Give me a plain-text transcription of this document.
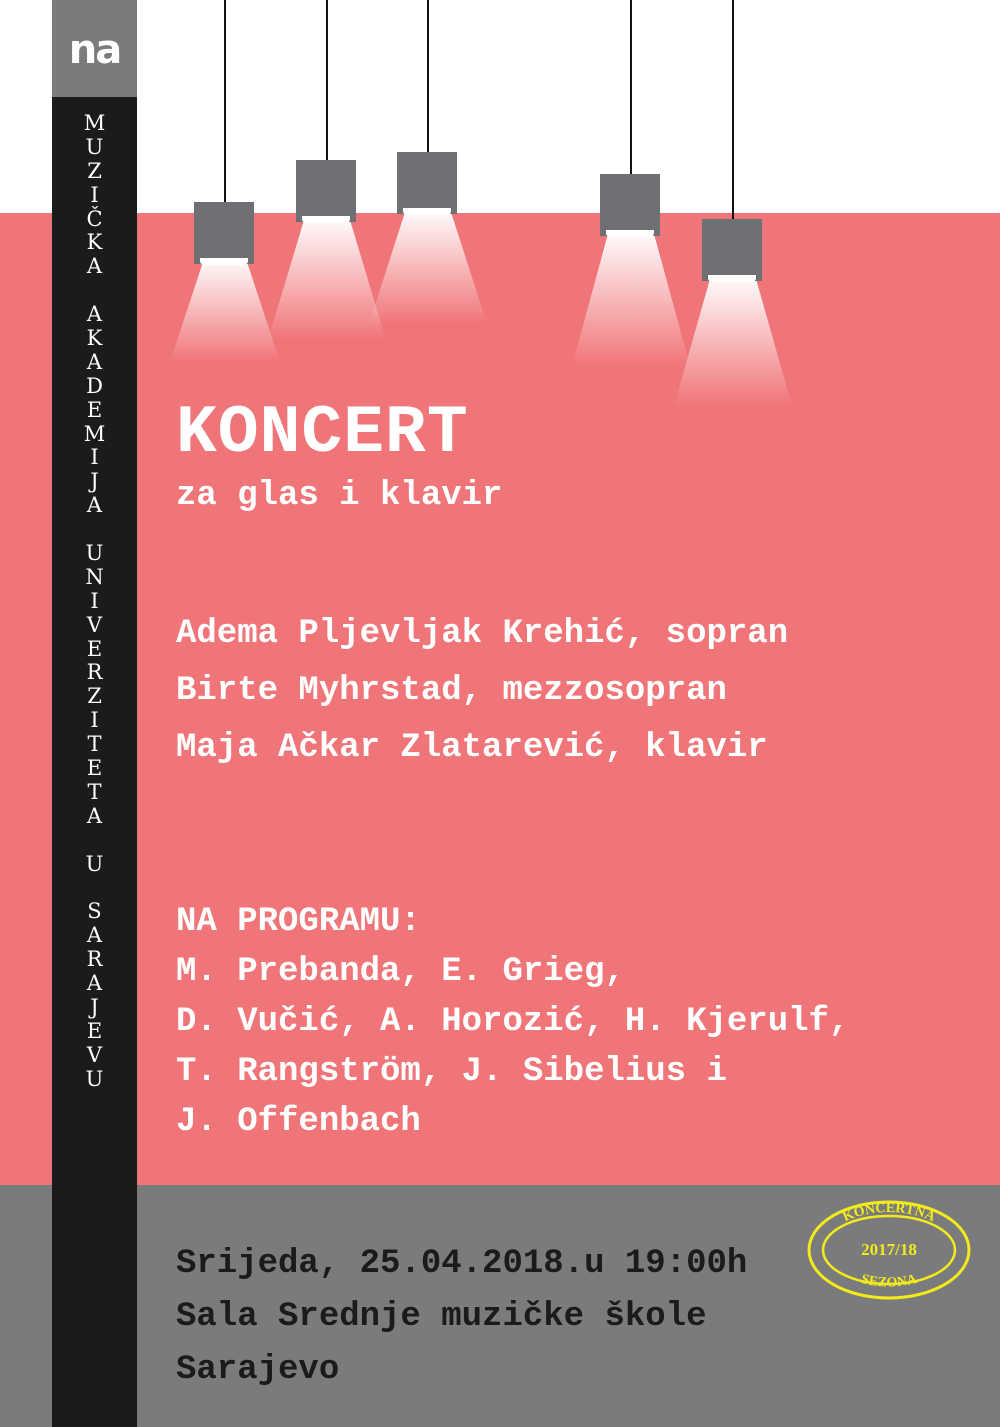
na
M
U
Z
I
Č
K
A
A
K
A
D
E
M
I
J
A
U
N
I
V
E
R
Z
I
T
E
T
A
U
S
A
R
A
J
E
V
U
KONCERT
za glas i klavir
Adema Pljevljak Krehić, sopran
Birte Myhrstad, mezzosopran
Maja Ačkar Zlatarević, klavir
NA PROGRAMU:
M. Prebanda, E. Grieg,
D. Vučić, A. Horozić, H. Kjerulf,
T. Rangström, J. Sibelius i
J. Offenbach
Srijeda, 25.04.2018.u 19:00h
Sala Srednje muzičke škole
Sarajevo
KONCERTNA
SEZONA
2017/18
